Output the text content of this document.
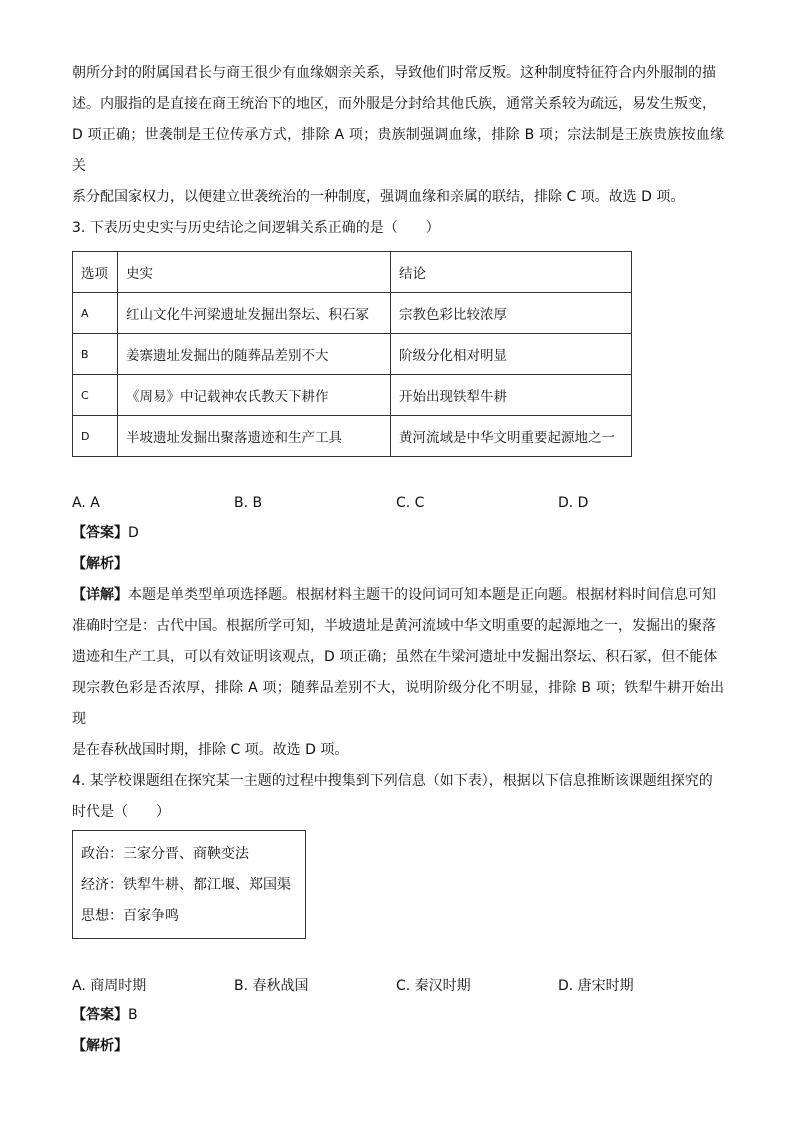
朝所分封的附属国君长与商王很少有血缘姻亲关系，导致他们时常反叛。这种制度特征符合内外服制的描

述。内服指的是直接在商王统治下的地区，而外服是分封给其他氏族，通常关系较为疏远，易发生叛变，

D 项正确；世袭制是王位传承方式，排除 A 项；贵族制强调血缘，排除 B 项；宗法制是王族贵族按血缘关

系分配国家权力，以便建立世袭统治的一种制度，强调血缘和亲属的联结，排除 C 项。故选 D 项。

3. 下表历史史实与历史结论之间逻辑关系正确的是（　　）

选项	史实	结论
A	红山文化牛河梁遗址发掘出祭坛、积石冢	宗教色彩比较浓厚
B	姜寨遗址发掘出的随葬品差别不大	阶级分化相对明显
C	《周易》中记载神农氏教天下耕作	开始出现铁犁牛耕
D	半坡遗址发掘出聚落遗迹和生产工具	黄河流域是中华文明重要起源地之一
A. A	B. B	C. C	D. D
【答案】D
【解析】

【详解】本题是单类型单项选择题。根据材料主题干的设问词可知本题是正向题。根据材料时间信息可知

准确时空是：古代中国。根据所学可知，半坡遗址是黄河流域中华文明重要的起源地之一，发掘出的聚落

遗迹和生产工具，可以有效证明该观点，D 项正确；虽然在牛梁河遗址中发掘出祭坛、积石冢，但不能体

现宗教色彩是否浓厚，排除 A 项；随葬品差别不大，说明阶级分化不明显，排除 B 项；铁犁牛耕开始出现

是在春秋战国时期，排除 C 项。故选 D 项。

4. 某学校课题组在探究某一主题的过程中搜集到下列信息（如下表），根据以下信息推断该课题组探究的

时代是（　　）

政治：三家分晋、商鞅变法
经济：铁犁牛耕、都江堰、郑国渠
思想：百家争鸣
A. 商周时期	B. 春秋战国	C. 秦汉时期	D. 唐宋时期
【答案】B
【解析】
